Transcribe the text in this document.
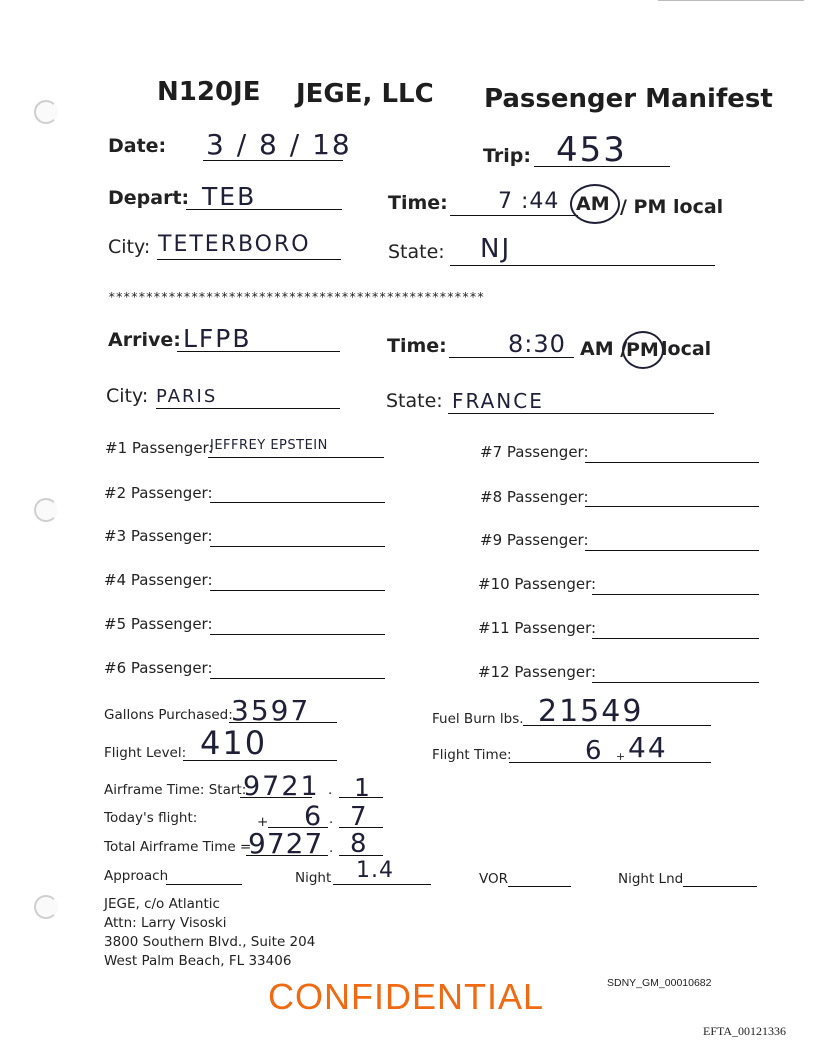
N120JE JEGE, LLC Passenger Manifest
Date: 3 / 8 / 18	Trip: 453
Depart: TEB	Time: 7 :44 AM / PM local
City: TETERBORO	State: NJ
**************************************************
Arrive: LFPB	Time:	8:30 AM /
PM local
City: PARIS	State: FRANCE
#1 Passenger:
JEFFREY EPSTEIN
#2 Passenger:
#3 Passenger:
#4 Passenger:
#5 Passenger:
#6 Passenger:
#7 Passenger:
#8 Passenger:
#9 Passenger:
#10 Passenger:
#11 Passenger:
#12 Passenger:
Gallons Purchased:
3597	Fuel Burn lbs. 21549
Flight Level: 410	Flight Time:	6 + 44
Airframe Time: Start:
9721 . 1
Today's flight:	+ 6 . 7
Total Airframe Time =
9727 . 8
Approach	Night 1.4	VOR	Night Lnd
JEGE, c/o Atlantic
Attn: Larry Visoski
3800 Southern Blvd., Suite 204
West Palm Beach, FL 33406
CONFIDENTIAL	SDNY_GM_00010682
EFTA_00121336
